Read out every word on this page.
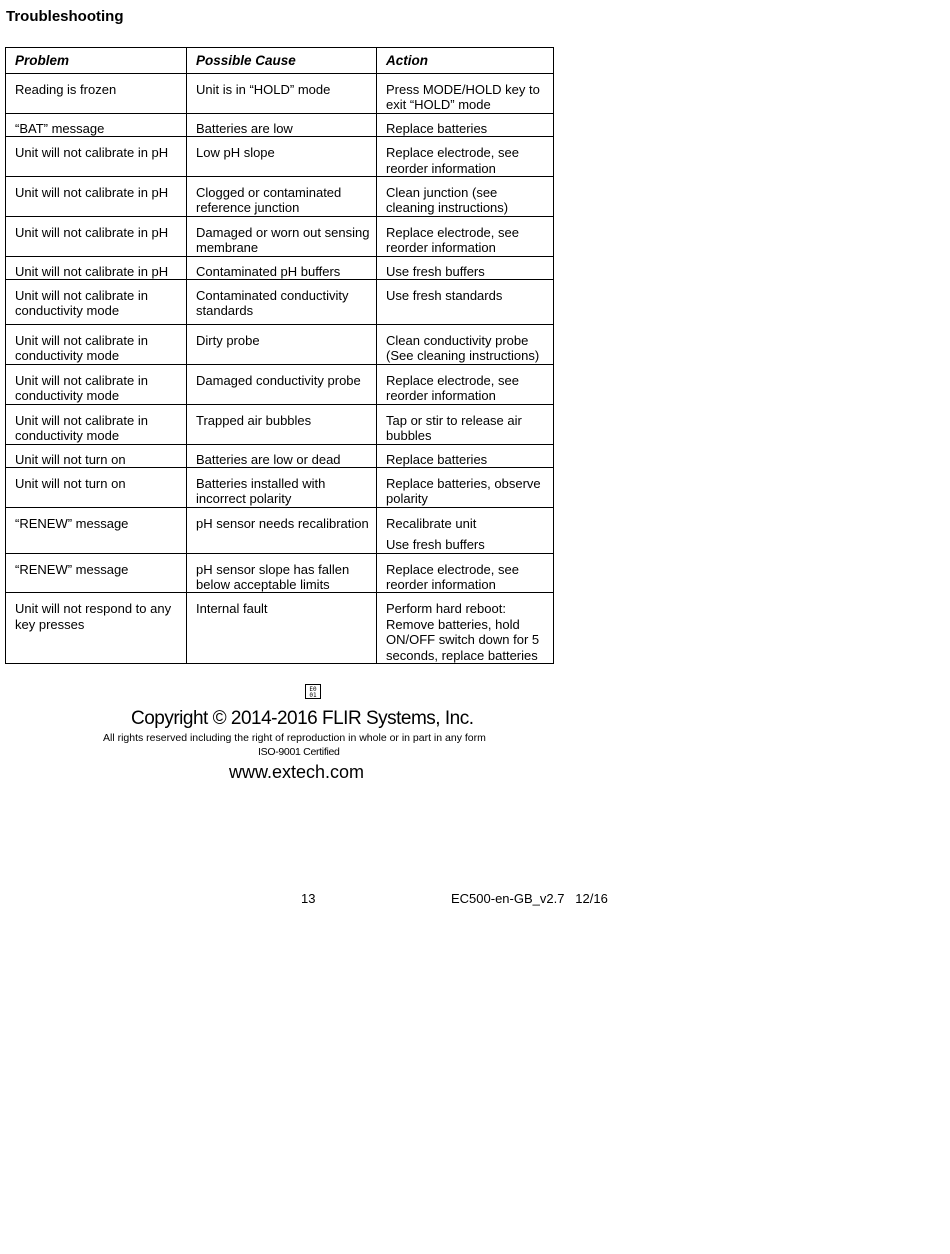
Troubleshooting
Problem	Possible Cause	Action
Reading is frozen	Unit is in “HOLD” mode	Press MODE/HOLD key to exit “HOLD” mode
“BAT” message	Batteries are low	Replace batteries
Unit will not calibrate in pH	Low pH slope	Replace electrode, see reorder information
Unit will not calibrate in pH	Clogged or contaminated reference junction	Clean junction (see cleaning instructions)
Unit will not calibrate in pH	Damaged or worn out sensing membrane	Replace electrode, see reorder information
Unit will not calibrate in pH	Contaminated pH buffers	Use fresh buffers
Unit will not calibrate in conductivity mode	Contaminated conductivity standards	Use fresh standards
Unit will not calibrate in conductivity mode	Dirty probe	Clean conductivity probe (See cleaning instructions)
Unit will not calibrate in conductivity mode	Damaged conductivity probe	Replace electrode, see reorder information
Unit will not calibrate in conductivity mode	Trapped air bubbles	Tap or stir to release air bubbles
Unit will not turn on	Batteries are low or dead	Replace batteries
Unit will not turn on	Batteries installed with incorrect polarity	Replace batteries, observe polarity
“RENEW” message	pH sensor needs recalibration	Recalibrate unit
Use fresh buffers
“RENEW” message	pH sensor slope has fallen below acceptable limits	Replace electrode, see reorder information
Unit will not respond to any key presses	Internal fault	Perform hard reboot: Remove batteries, hold ON/OFF switch down for 5 seconds, replace batteries
E0 01
Copyright © 2014-2016 FLIR Systems, Inc.
All rights reserved including the right of reproduction in whole or in part in any form
ISO-9001 Certified
www.extech.com
13	EC500-en-GB_v2.7   12/16
